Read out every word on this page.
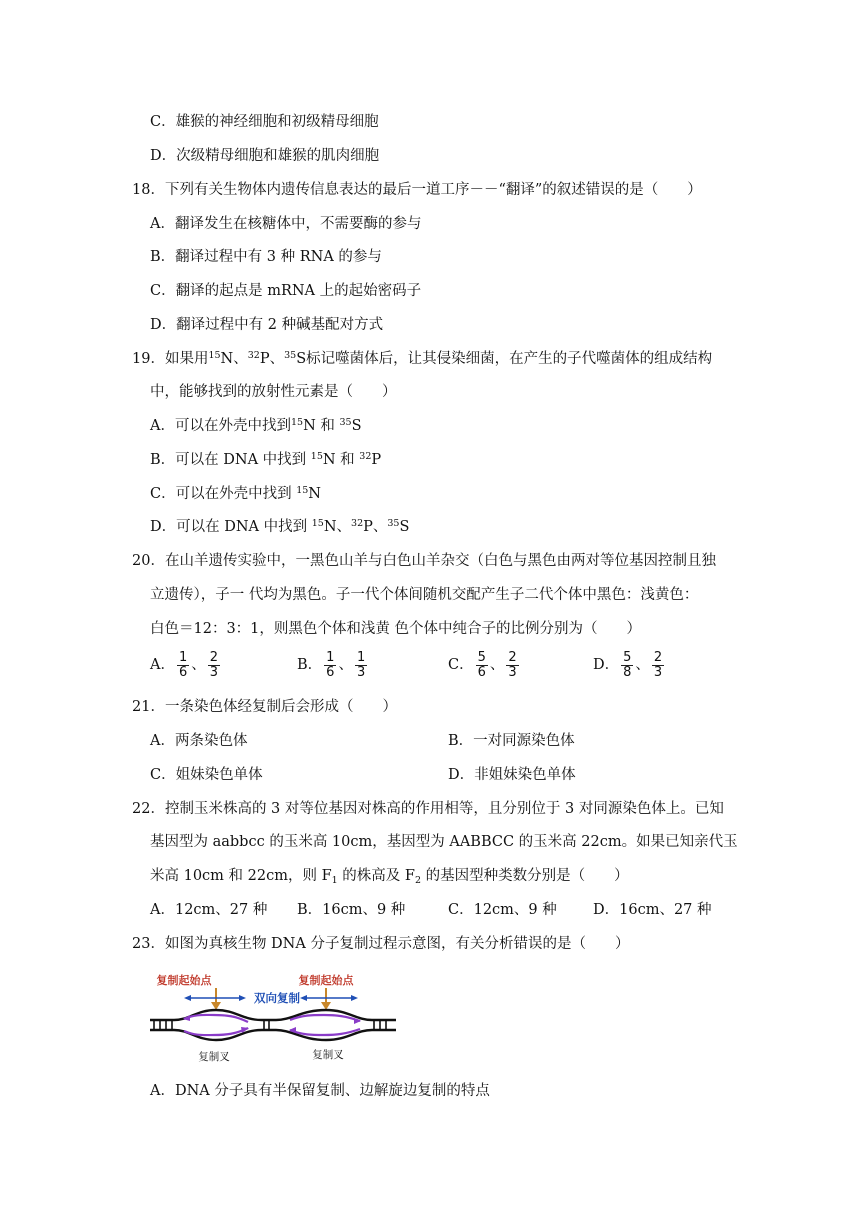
C．雄猴的神经细胞和初级精母细胞
D．次级精母细胞和雄猴的肌肉细胞
18．下列有关生物体内遗传信息表达的最后一道工序－－“翻译”的叙述错误的是（　　）
A．翻译发生在核糖体中，不需要酶的参与
B．翻译过程中有 3 种 RNA 的参与
C．翻译的起点是 mRNA 上的起始密码子
D．翻译过程中有 2 种碱基配对方式
19．如果用$^{15}$N、$^{32}$P、$^{35}$S标记噬菌体后，让其侵染细菌，在产生的子代噬菌体的组成结构
中，能够找到的放射性元素是（　　）
A．可以在外壳中找到$^{15}$N 和 $^{35}$S
B．可以在 DNA 中找到 $^{15}$N 和 $^{32}$P
C．可以在外壳中找到 $^{15}$N
D．可以在 DNA 中找到 $^{15}$N、$^{32}$P、$^{35}$S
20．在山羊遗传实验中，一黑色山羊与白色山羊杂交（白色与黑色由两对等位基因控制且独
立遗传），子一 代均为黑色。子一代个体间随机交配产生子二代个体中黑色：浅黄色：
白色＝12：3：1，则黑色个体和浅黄 色个体中纯合子的比例分别为（　　）
A． $\frac{1}{6}$ 、 $\frac{2}{3}$	B． $\frac{1}{6}$ 、 $\frac{1}{3}$	C． $\frac{5}{6}$ 、 $\frac{2}{3}$	D． $\frac{5}{8}$ 、 $\frac{2}{3}$
21．一条染色体经复制后会形成（　　）
A．两条染色体	B．一对同源染色体
C．姐妹染色单体	D．非姐妹染色单体
22．控制玉米株高的 3 对等位基因对株高的作用相等，且分别位于 3 对同源染色体上。已知
基因型为 aabbcc 的玉米高 10cm，基因型为 AABBCC 的玉米高 22cm。如果已知亲代玉
米高 10cm 和 22cm，则 $F_1$ 的株高及 $F_2$ 的基因型种类数分别是（　　）
A．12cm、27 种 B．16cm、9 种	C．12cm、9 种	D．16cm、27 种
23．如图为真核生物 DNA 分子复制过程示意图，有关分析错误的是（　　）
复制起始点	复制起始点
双向复制
复制叉	复制叉
A．DNA 分子具有半保留复制、边解旋边复制的特点
